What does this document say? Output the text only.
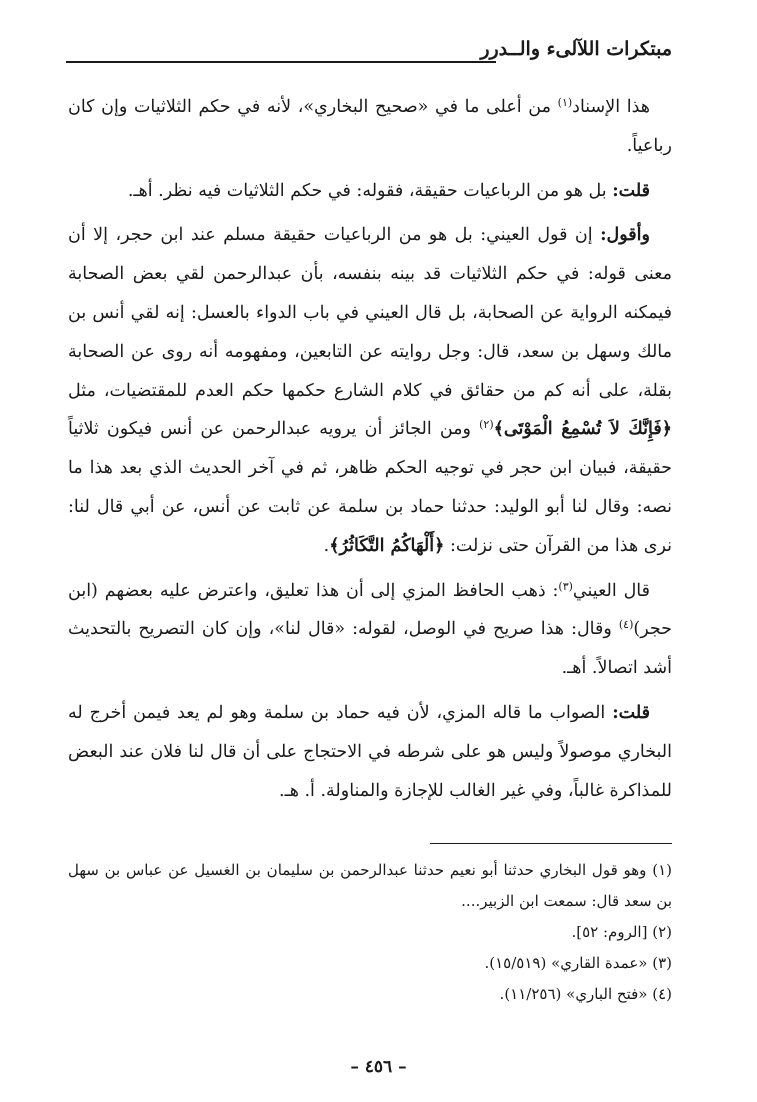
مبتكرات اللآلىء والــدرر

هذا الإسناد$^{(١)}$ من أعلى ما في «صحيح البخاري»، لأنه في حكم الثلاثيات وإن كان رباعياً.

قلت: بل هو من الرباعيات حقيقة، فقوله: في حكم الثلاثيات فيه نظر. أهـ.

وأقول: إن قول العيني: بل هو من الرباعيات حقيقة مسلم عند ابن حجر، إلا أن معنى قوله: في حكم الثلاثيات قد بينه بنفسه، بأن عبدالرحمن لقي بعض الصحابة فيمكنه الرواية عن الصحابة، بل قال العيني في باب الدواء بالعسل: إنه لقي أنس بن مالك وسهل بن سعد، قال: وجل روايته عن التابعين، ومفهومه أنه روى عن الصحابة بقلة، على أنه كم من حقائق في كلام الشارع حكمها حكم العدم للمقتضيات، مثل ﴿فَإِنَّكَ لاَ تُسْمِعُ الْمَوْتَى﴾$^{(٢)}$ ومن الجائز أن يرويه عبدالرحمن عن أنس فيكون ثلاثياً حقيقة، فبيان ابن حجر في توجيه الحكم ظاهر، ثم في آخر الحديث الذي بعد هذا ما نصه: وقال لنا أبو الوليد: حدثنا حماد بن سلمة عن ثابت عن أنس، عن أبي قال لنا: نرى هذا من القرآن حتى نزلت: ﴿أَلْهَاكُمُ التَّكَاثُرُ﴾.

قال العيني$^{(٣)}$: ذهب الحافظ المزي إلى أن هذا تعليق، واعترض عليه بعضهم (ابن حجر)$^{(٤)}$ وقال: هذا صريح في الوصل، لقوله: «قال لنا»، وإن كان التصريح بالتحديث أشد اتصالاً. أهـ.

قلت: الصواب ما قاله المزي، لأن فيه حماد بن سلمة وهو لم يعد فيمن أخرج له البخاري موصولاً وليس هو على شرطه في الاحتجاج على أن قال لنا فلان عند البعض للمذاكرة غالباً، وفي غير الغالب للإجازة والمناولة. أ. هـ.

(١) وهو قول البخاري حدثنا أبو نعيم حدثنا عبدالرحمن بن سليمان بن الغسيل عن عباس بن سهل بن سعد قال: سمعت ابن الزبير....

(٢) [الروم: ٥٢].

(٣) «عمدة القاري» (١٥/٥١٩).

(٤) «فتح الباري» (١١/٢٥٦).

– ٤٥٦ –
